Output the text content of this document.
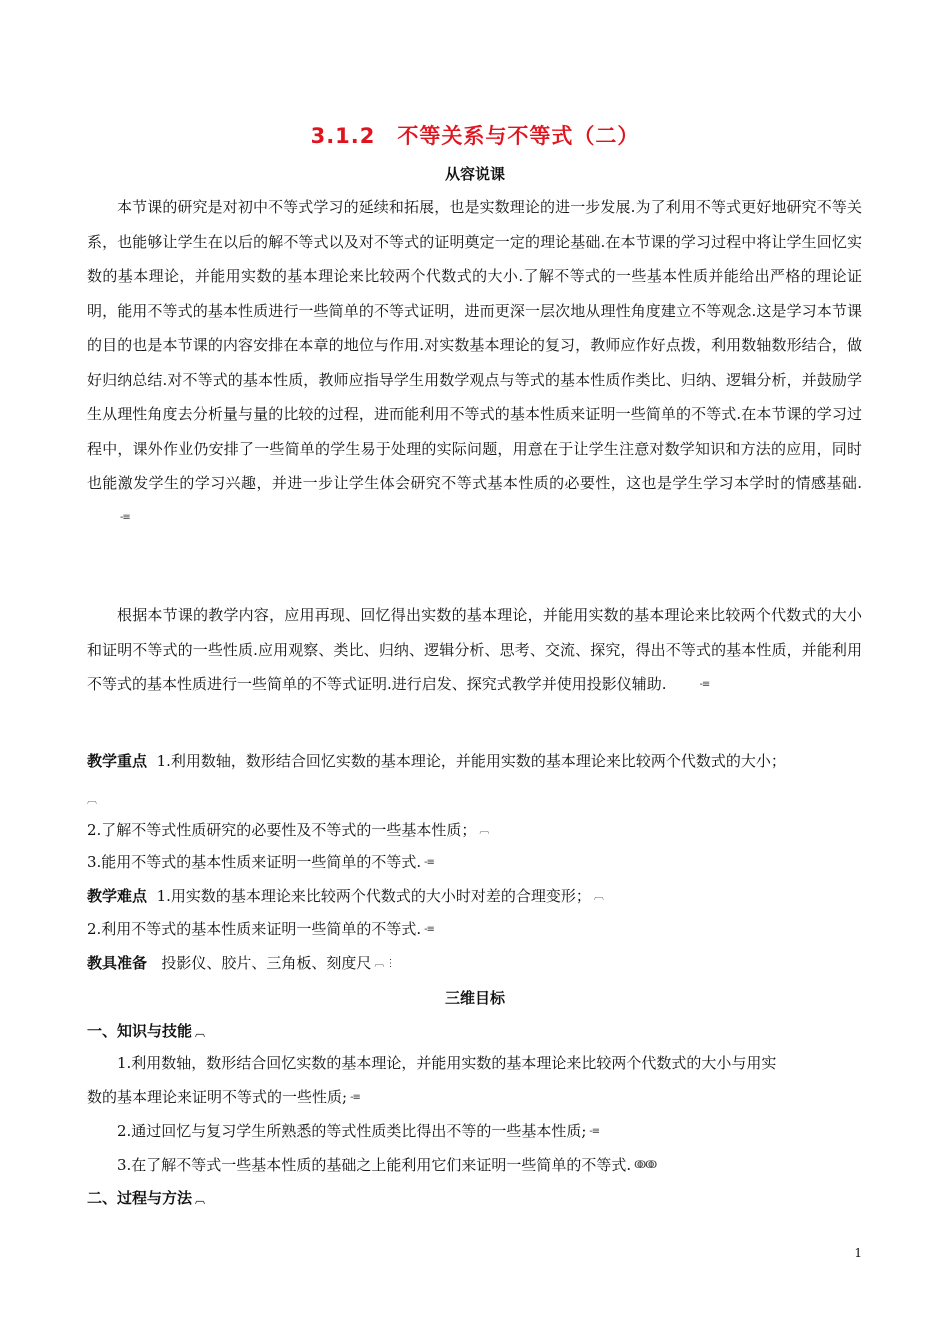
3.1.2　不等关系与不等式（二）
从容说课

本节课的研究是对初中不等式学习的延续和拓展，也是实数理论的进一步发展.为了利用不等式更好地研究不等关系，也能够让学生在以后的解不等式以及对不等式的证明奠定一定的理论基础.在本节课的学习过程中将让学生回忆实数的基本理论，并能用实数的基本理论来比较两个代数式的大小.了解不等式的一些基本性质并能给出严格的理论证明，能用不等式的基本性质进行一些简单的不等式证明，进而更深一层次地从理性角度建立不等观念.这是学习本节课的目的也是本节课的内容安排在本章的地位与作用.对实数基本理论的复习，教师应作好点拨，利用数轴数形结合，做好归纳总结.对不等式的基本性质，教师应指导学生用数学观点与等式的基本性质作类比、归纳、逻辑分析，并鼓励学生从理性角度去分析量与量的比较的过程，进而能利用不等式的基本性质来证明一些简单的不等式.在本节课的学习过程中，课外作业仍安排了一些简单的学生易于处理的实际问题，用意在于让学生注意对数学知识和方法的应用，同时也能激发学生的学习兴趣，并进一步让学生体会研究不等式基本性质的必要性，这也是学生学习本学时的情感基础.-≡

根据本节课的教学内容，应用再现、回忆得出实数的基本理论，并能用实数的基本理论来比较两个代数式的大小和证明不等式的一些性质.应用观察、类比、归纳、逻辑分析、思考、交流、探究，得出不等式的基本性质，并能利用不等式的基本性质进行一些简单的不等式证明.进行启发、探究式教学并使用投影仪辅助.	-≡

教学重点 1.利用数轴，数形结合回忆实数的基本理论，并能用实数的基本理论来比较两个代数式的大小；

︹

2.了解不等式性质研究的必要性及不等式的一些基本性质； ︹

3.能用不等式的基本性质来证明一些简单的不等式. -≡

教学难点 1.用实数的基本理论来比较两个代数式的大小时对差的合理变形； ︹

2.利用不等式的基本性质来证明一些简单的不等式. -≡

教具准备 投影仪、胶片、三角板、刻度尺 ︹ ⋮

三维目标
一、知识与技能 ︹

1.利用数轴，数形结合回忆实数的基本理论，并能用实数的基本理论来比较两个代数式的大小与用实

数的基本理论来证明不等式的一些性质; -≡

2.通过回忆与复习学生所熟悉的等式性质类比得出不等的一些基本性质; -≡

3.在了解不等式一些基本性质的基础之上能利用它们来证明一些简单的不等式. ↂↂ

二、过程与方法 ︹
1
